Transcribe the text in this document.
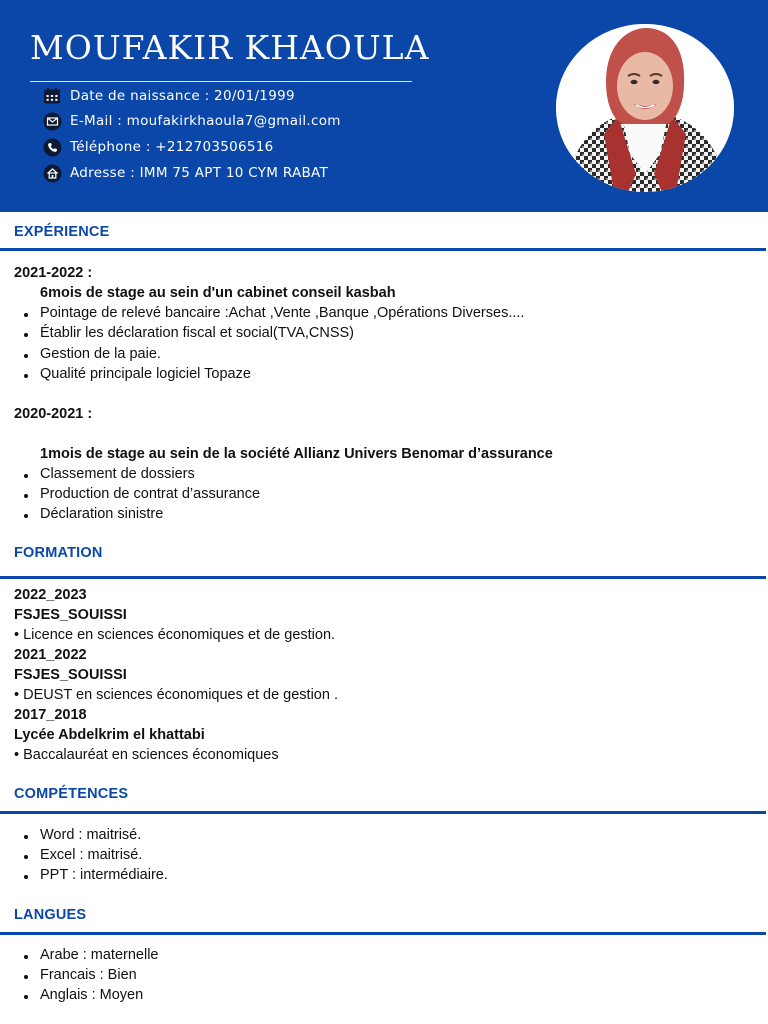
MOUFAKIR KHAOULA
Date de naissance : 20/01/1999
E-Mail : moufakirkhaoula7@gmail.com
Téléphone : +212703506516
Adresse : IMM 75 APT 10 CYM RABAT
EXPÉRIENCE
2021-2022 :
6mois de stage au sein d'un cabinet conseil kasbah
Pointage de relevé bancaire :Achat ,Vente ,Banque ,Opérations Diverses....
Établir les déclaration fiscal et social(TVA,CNSS)
Gestion de la paie.
Qualité principale logiciel Topaze
2020-2021 :
1mois de stage au sein de la société Allianz Univers Benomar d’assurance
Classement de dossiers
Production de contrat d’assurance
Déclaration sinistre
FORMATION
2022_2023
FSJES_SOUISSI
• Licence en sciences économiques et de gestion.
2021_2022
FSJES_SOUISSI
• DEUST en sciences économiques et de gestion .
2017_2018
Lycée Abdelkrim el khattabi
• Baccalauréat en sciences économiques
COMPÉTENCES
Word : maitrisé.
Excel : maitrisé.
PPT : intermédiaire.
LANGUES
Arabe : maternelle
Francais : Bien
Anglais : Moyen
